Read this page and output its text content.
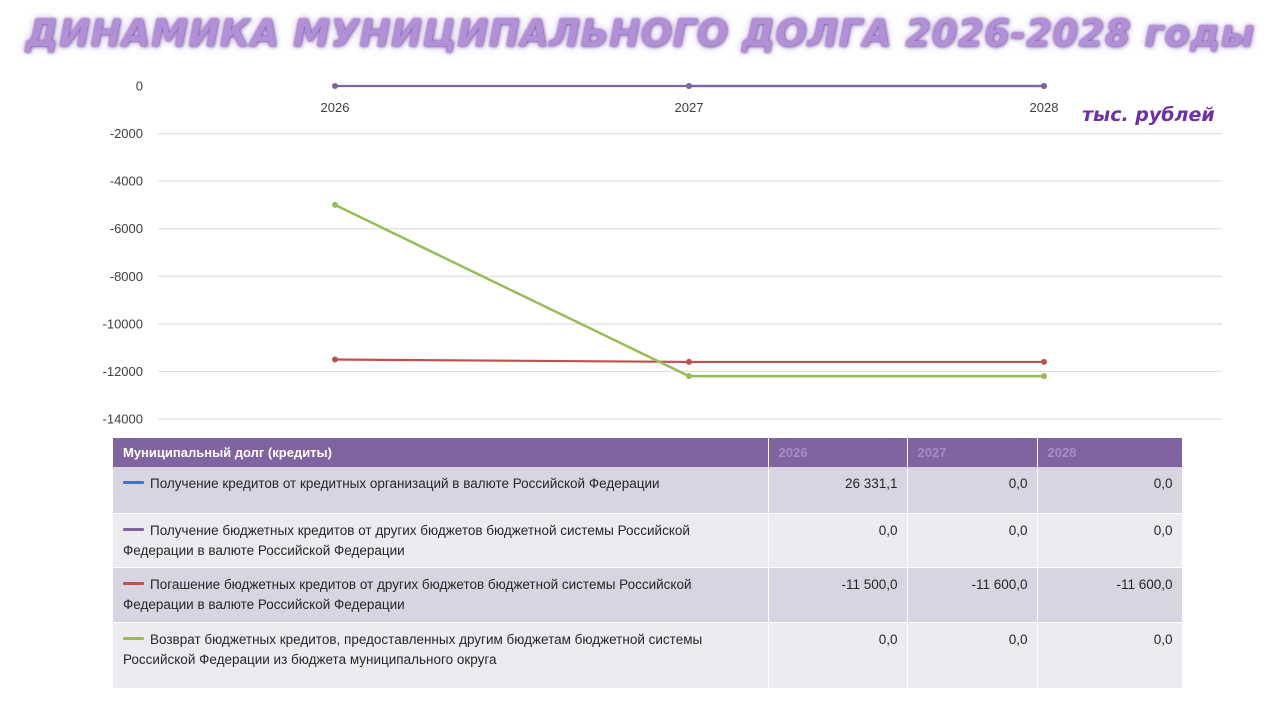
ДИНАМИКА МУНИЦИПАЛЬНОГО ДОЛГА 2026-2028 годы
тыс. рублей
0
-2000
-4000
-6000
-8000
-10000
-12000
-14000
2026	2027	2028
Муниципальный долг (кредиты)	2026	2027	2028
Получение кредитов от кредитных организаций в валюте Российской Федерации	26 331,1	0,0	0,0
Получение бюджетных кредитов от других бюджетов бюджетной системы Российской Федерации в валюте Российской Федерации	0,0	0,0	0,0
Погашение бюджетных кредитов от других бюджетов бюджетной системы Российской Федерации в валюте Российской Федерации	-11 500,0	-11 600,0	-11 600,0
Возврат бюджетных кредитов, предоставленных другим бюджетам бюджетной системы Российской Федерации из бюджета муниципального округа	0,0	0,0	0,0
